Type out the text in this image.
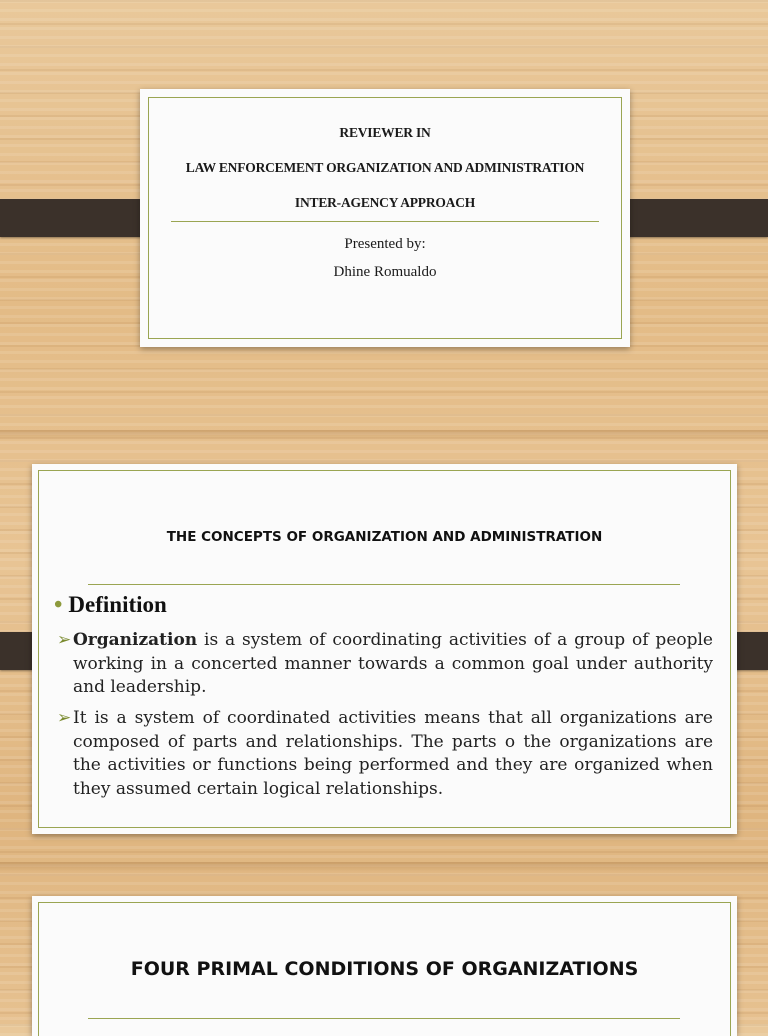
REVIEWER IN
LAW ENFORCEMENT ORGANIZATION AND ADMINISTRATION
INTER-AGENCY APPROACH
Presented by:
Dhine Romualdo
THE CONCEPTS OF ORGANIZATION AND ADMINISTRATION
• Definition
➢ Organization is a system of coordinating activities of a group of people working in a concerted manner towards a common goal under authority and leadership.
➢ It is a system of coordinated activities means that all organizations are composed of parts and relationships. The parts o the organizations are the activities or functions being performed and they are organized when they assumed certain logical relationships.
FOUR PRIMAL CONDITIONS OF ORGANIZATIONS
